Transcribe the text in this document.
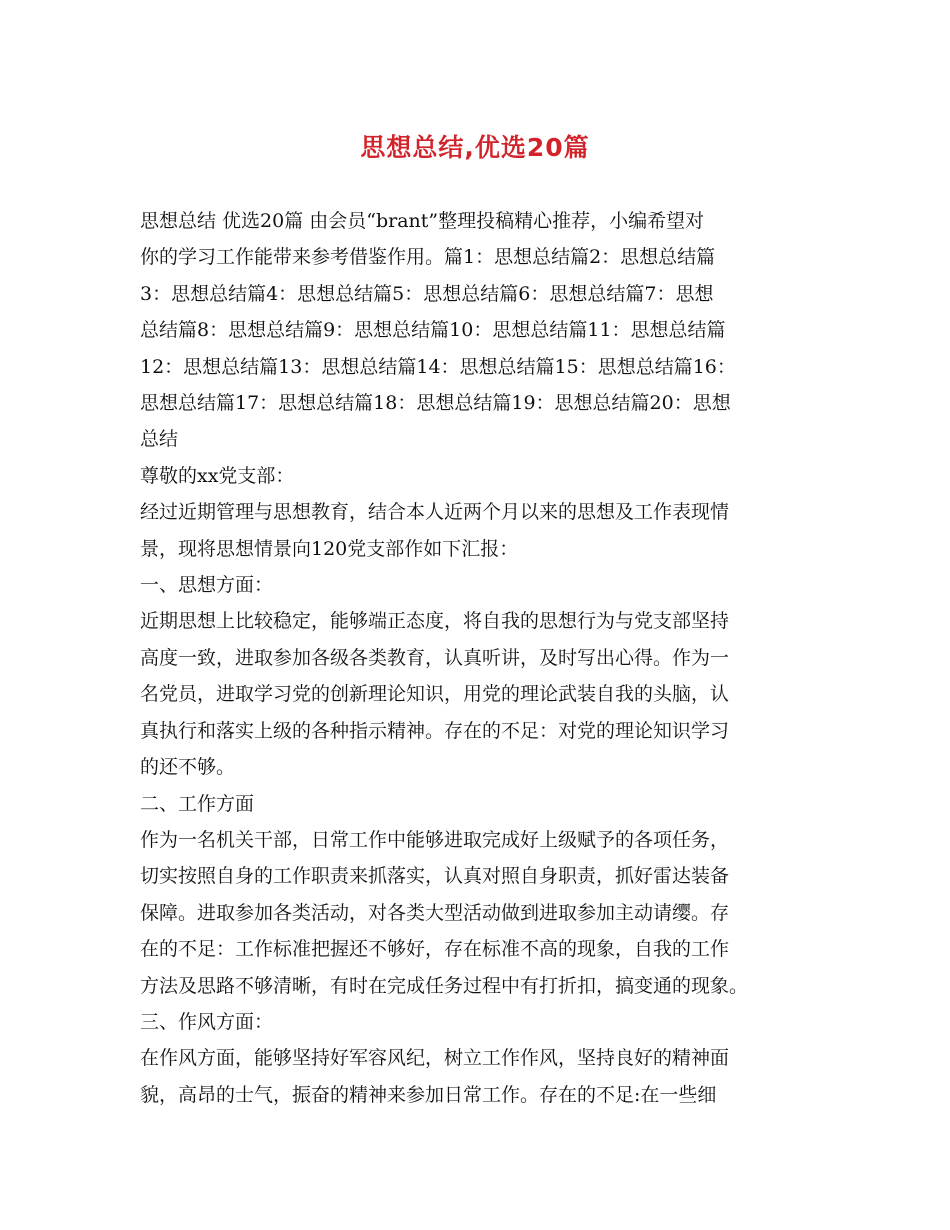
思想总结,优选20篇

思想总结 优选20篇 由会员“brant”整理投稿精心推荐，小编希望对
你的学习工作能带来参考借鉴作用。篇1：思想总结篇2：思想总结篇
3：思想总结篇4：思想总结篇5：思想总结篇6：思想总结篇7：思想
总结篇8：思想总结篇9：思想总结篇10：思想总结篇11：思想总结篇
12：思想总结篇13：思想总结篇14：思想总结篇15：思想总结篇16：
思想总结篇17：思想总结篇18：思想总结篇19：思想总结篇20：思想
总结

尊敬的xx党支部：

经过近期管理与思想教育，结合本人近两个月以来的思想及工作表现情
景，现将思想情景向120党支部作如下汇报：

一、思想方面：

近期思想上比较稳定，能够端正态度，将自我的思想行为与党支部坚持
高度一致，进取参加各级各类教育，认真听讲，及时写出心得。作为一
名党员，进取学习党的创新理论知识，用党的理论武装自我的头脑，认
真执行和落实上级的各种指示精神。存在的不足：对党的理论知识学习
的还不够。

二、工作方面

作为一名机关干部，日常工作中能够进取完成好上级赋予的各项任务，
切实按照自身的工作职责来抓落实，认真对照自身职责，抓好雷达装备
保障。进取参加各类活动，对各类大型活动做到进取参加主动请缨。存
在的不足：工作标准把握还不够好，存在标准不高的现象，自我的工作
方法及思路不够清晰，有时在完成任务过程中有打折扣，搞变通的现象。

三、作风方面：

在作风方面，能够坚持好军容风纪，树立工作作风，坚持良好的精神面
貌，高昂的士气，振奋的精神来参加日常工作。存在的不足:在一些细
